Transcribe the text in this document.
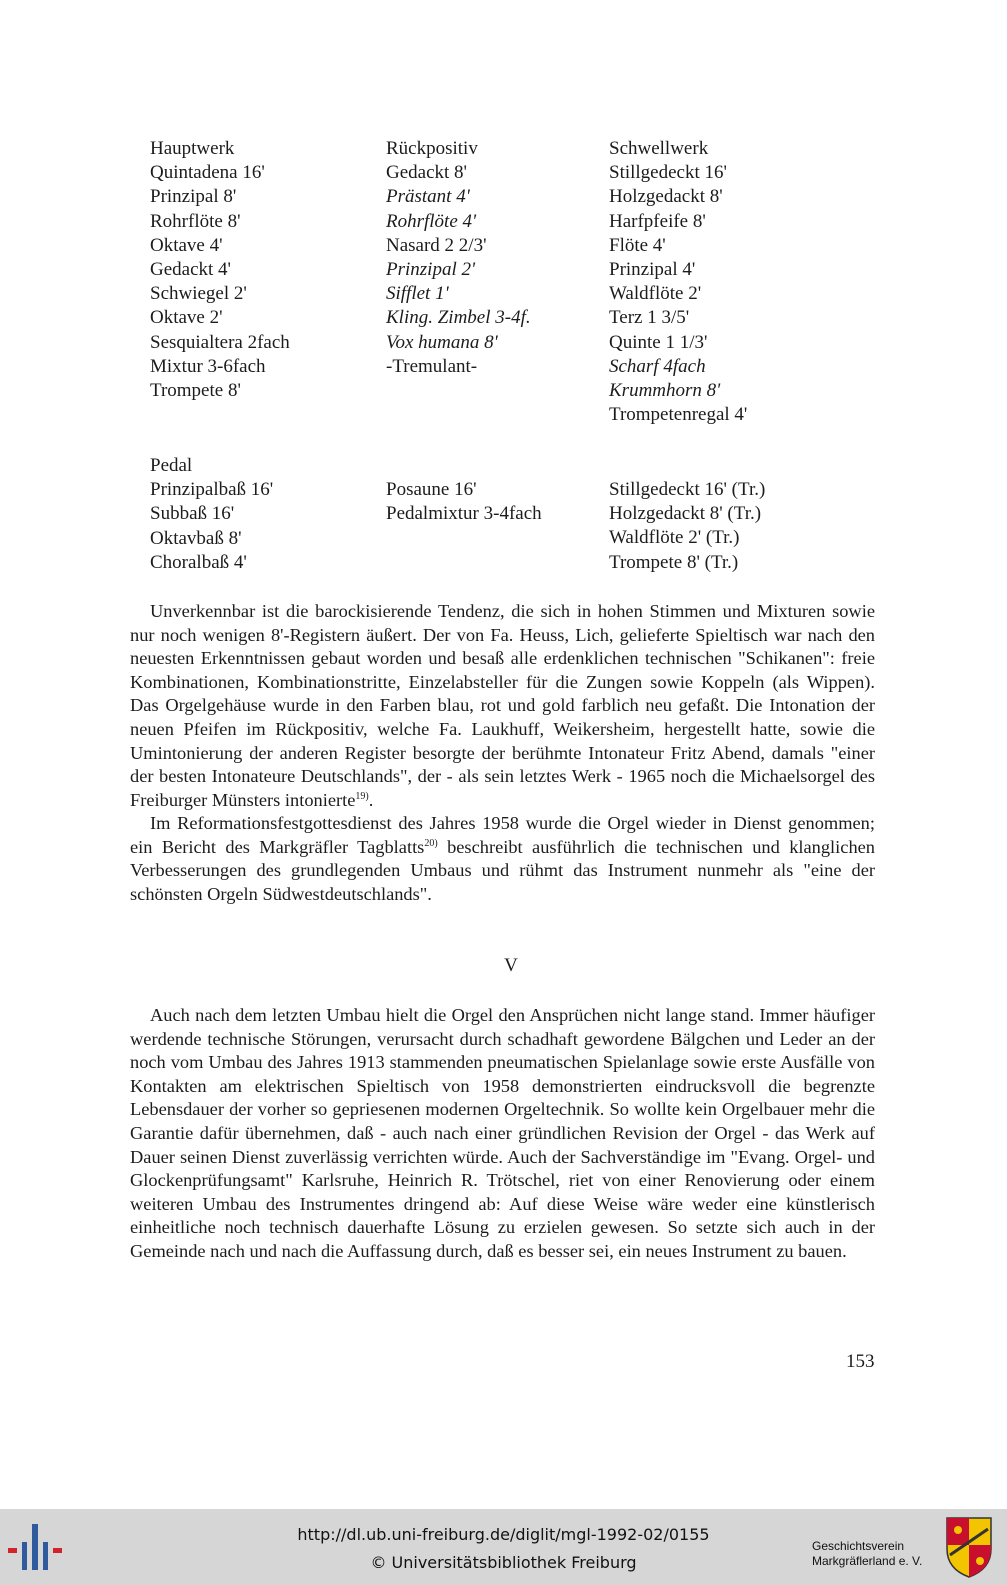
Hauptwerk
Quintadena 16'
Prinzipal 8'
Rohrflöte 8'
Oktave 4'
Gedackt 4'
Schwiegel 2'
Oktave 2'
Sesquialtera 2fach
Mixtur 3-6fach
Trompete 8'
Rückpositiv
Gedackt 8'
Prästant 4'
Rohrflöte 4'
Nasard 2 2/3'
Prinzipal 2'
Sifflet 1'
Kling. Zimbel 3-4f.
Vox humana 8'
-Tremulant-
Schwellwerk
Stillgedeckt 16'
Holzgedackt 8'
Harfpfeife 8'
Flöte 4'
Prinzipal 4'
Waldflöte 2'
Terz 1 3/5'
Quinte 1 1/3'
Scharf 4fach
Krummhorn 8'
Trompetenregal 4'
Pedal
Prinzipalbaß 16'
Subbaß 16'
Oktavbaß 8'
Choralbaß 4'
Posaune 16'
Pedalmixtur 3-4fach
Stillgedeckt 16' (Tr.)
Holzgedackt 8' (Tr.)
Waldflöte 2' (Tr.)
Trompete 8' (Tr.)

Unverkennbar ist die barockisierende Tendenz, die sich in hohen Stimmen und Mixturen sowie nur noch wenigen 8'-Registern äußert. Der von Fa. Heuss, Lich, gelieferte Spieltisch war nach den neuesten Erkenntnissen gebaut worden und besaß alle erdenklichen technischen "Schikanen": freie Kombinationen, Kombinationstritte, Einzelabsteller für die Zungen sowie Koppeln (als Wippen). Das Orgelgehäuse wurde in den Farben blau, rot und gold farblich neu gefaßt. Die Intonation der neuen Pfeifen im Rückpositiv, welche Fa. Laukhuff, Weikersheim, hergestellt hatte, sowie die Umintonierung der anderen Register besorgte der berühmte Intonateur Fritz Abend, damals "einer der besten Intonateure Deutschlands", der - als sein letztes Werk - 1965 noch die Michaelsorgel des Freiburger Münsters intonierte$^{19)}$.

Im Reformationsfestgottesdienst des Jahres 1958 wurde die Orgel wieder in Dienst genommen; ein Bericht des Markgräfler Tagblatts$^{20)}$ beschreibt ausführlich die technischen und klanglichen Verbesserungen des grundlegenden Umbaus und rühmt das Instrument nunmehr als "eine der schönsten Orgeln Südwestdeutschlands".

V

Auch nach dem letzten Umbau hielt die Orgel den Ansprüchen nicht lange stand. Immer häufiger werdende technische Störungen, verursacht durch schadhaft gewordene Bälgchen und Leder an der noch vom Umbau des Jahres 1913 stammenden pneumatischen Spielanlage sowie erste Ausfälle von Kontakten am elektrischen Spieltisch von 1958 demonstrierten eindrucksvoll die begrenzte Lebensdauer der vorher so gepriesenen modernen Orgeltechnik. So wollte kein Orgelbauer mehr die Garantie dafür übernehmen, daß - auch nach einer gründlichen Revision der Orgel - das Werk auf Dauer seinen Dienst zuverlässig verrichten würde. Auch der Sachverständige im "Evang. Orgel- und Glockenprüfungsamt" Karlsruhe, Heinrich R. Trötschel, riet von einer Renovierung oder einem weiteren Umbau des Instrumentes dringend ab: Auf diese Weise wäre weder eine künstlerisch einheitliche noch technisch dauerhafte Lösung zu erzielen gewesen. So setzte sich auch in der Gemeinde nach und nach die Auffassung durch, daß es besser sei, ein neues Instrument zu bauen.

153
http://dl.ub.uni-freiburg.de/diglit/mgl-1992-02/0155
© Universitätsbibliothek Freiburg
Geschichtsverein
Markgräflerland e. V.
